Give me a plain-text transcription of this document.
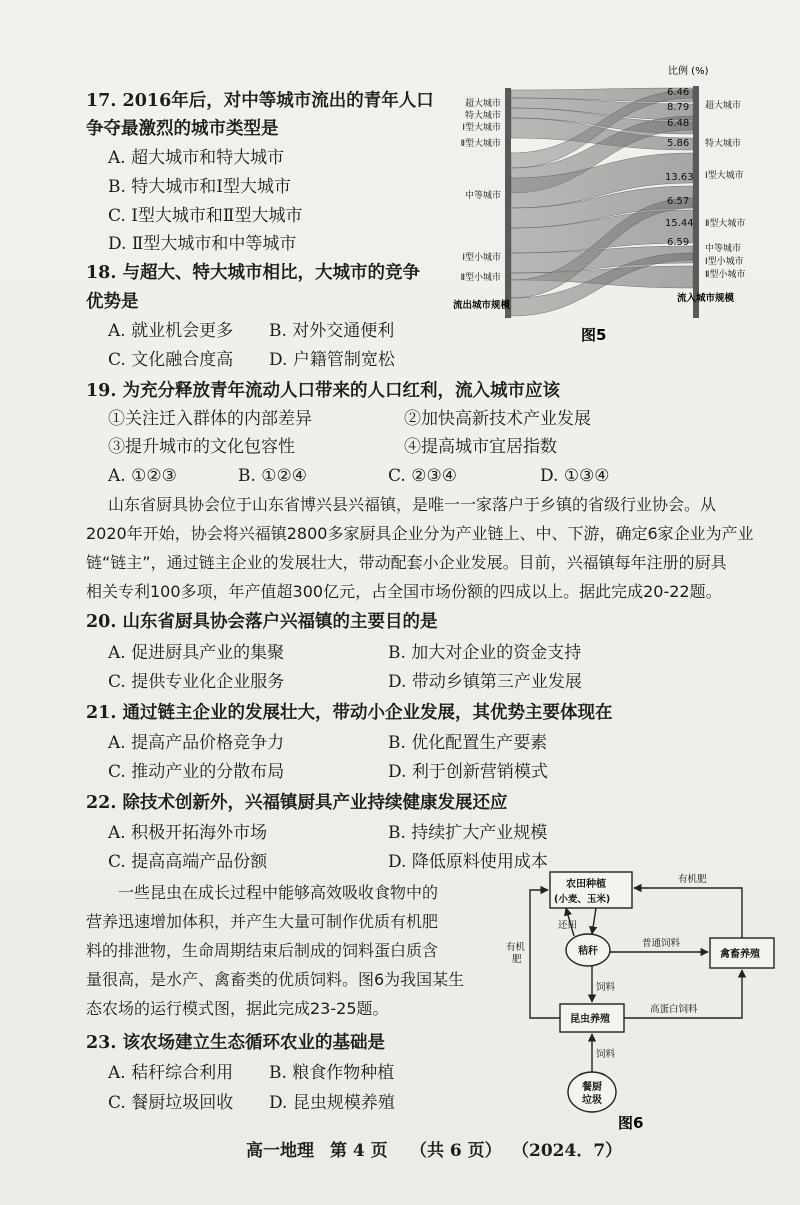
17. 2016年后，对中等城市流出的青年人口
争夺最激烈的城市类型是
A. 超大城市和特大城市
B. 特大城市和Ⅰ型大城市
C. Ⅰ型大城市和Ⅱ型大城市
D. Ⅱ型大城市和中等城市
18. 与超大、特大城市相比，大城市的竞争
优势是
A. 就业机会更多 B. 对外交通便利
C. 文化融合度高 D. 户籍管制宽松
比例 (%)
6.46
8.79
6.48
5.86
13.63
6.57
15.44
6.59
超大城市
特大城市
Ⅰ型大城市
Ⅱ型大城市
中等城市
Ⅰ型小城市
Ⅱ型小城市
超大城市
特大城市
Ⅰ型大城市
Ⅱ型大城市
中等城市
Ⅰ型小城市
Ⅱ型小城市
流出城市规模
流入城市规模
图5
19. 为充分释放青年流动人口带来的人口红利，流入城市应该
①关注迁入群体的内部差异	②加快高新技术产业发展
③提升城市的文化包容性	④提高城市宜居指数
A. ①②③	B. ①②④	C. ②③④	D. ①③④
山东省厨具协会位于山东省博兴县兴福镇，是唯一一家落户于乡镇的省级行业协会。从
2020年开始，协会将兴福镇2800多家厨具企业分为产业链上、中、下游，确定6家企业为产业
链“链主”，通过链主企业的发展壮大，带动配套小企业发展。目前，兴福镇每年注册的厨具
相关专利100多项，年产值超300亿元，占全国市场份额的四成以上。据此完成20-22题。
20. 山东省厨具协会落户兴福镇的主要目的是
A. 促进厨具产业的集聚	B. 加大对企业的资金支持
C. 提供专业化企业服务	D. 带动乡镇第三产业发展
21. 通过链主企业的发展壮大，带动小企业发展，其优势主要体现在
A. 提高产品价格竞争力	B. 优化配置生产要素
C. 推动产业的分散布局	D. 利于创新营销模式
22. 除技术创新外，兴福镇厨具产业持续健康发展还应
A. 积极开拓海外市场	B. 持续扩大产业规模
C. 提高高端产品份额	D. 降低原料使用成本
一些昆虫在成长过程中能够高效吸收食物中的
营养迅速增加体积，并产生大量可制作优质有机肥
料的排泄物，生命周期结束后制成的饲料蛋白质含
量很高，是水产、禽畜类的优质饲料。图6为我国某生
态农场的运行模式图，据此完成23-25题。
23. 该农场建立生态循环农业的基础是
A. 秸秆综合利用 B. 粮食作物种植
C. 餐厨垃圾回收 D. 昆虫规模养殖
农田种植
(小麦、玉米)
秸秆	禽畜养殖
昆虫养殖
餐厨
垃圾
有机肥
有机
肥
还田
普通饲料
饲料
饲料
高蛋白饲料
图6
高一地理 第 4 页 （共 6 页） （2024．7）
